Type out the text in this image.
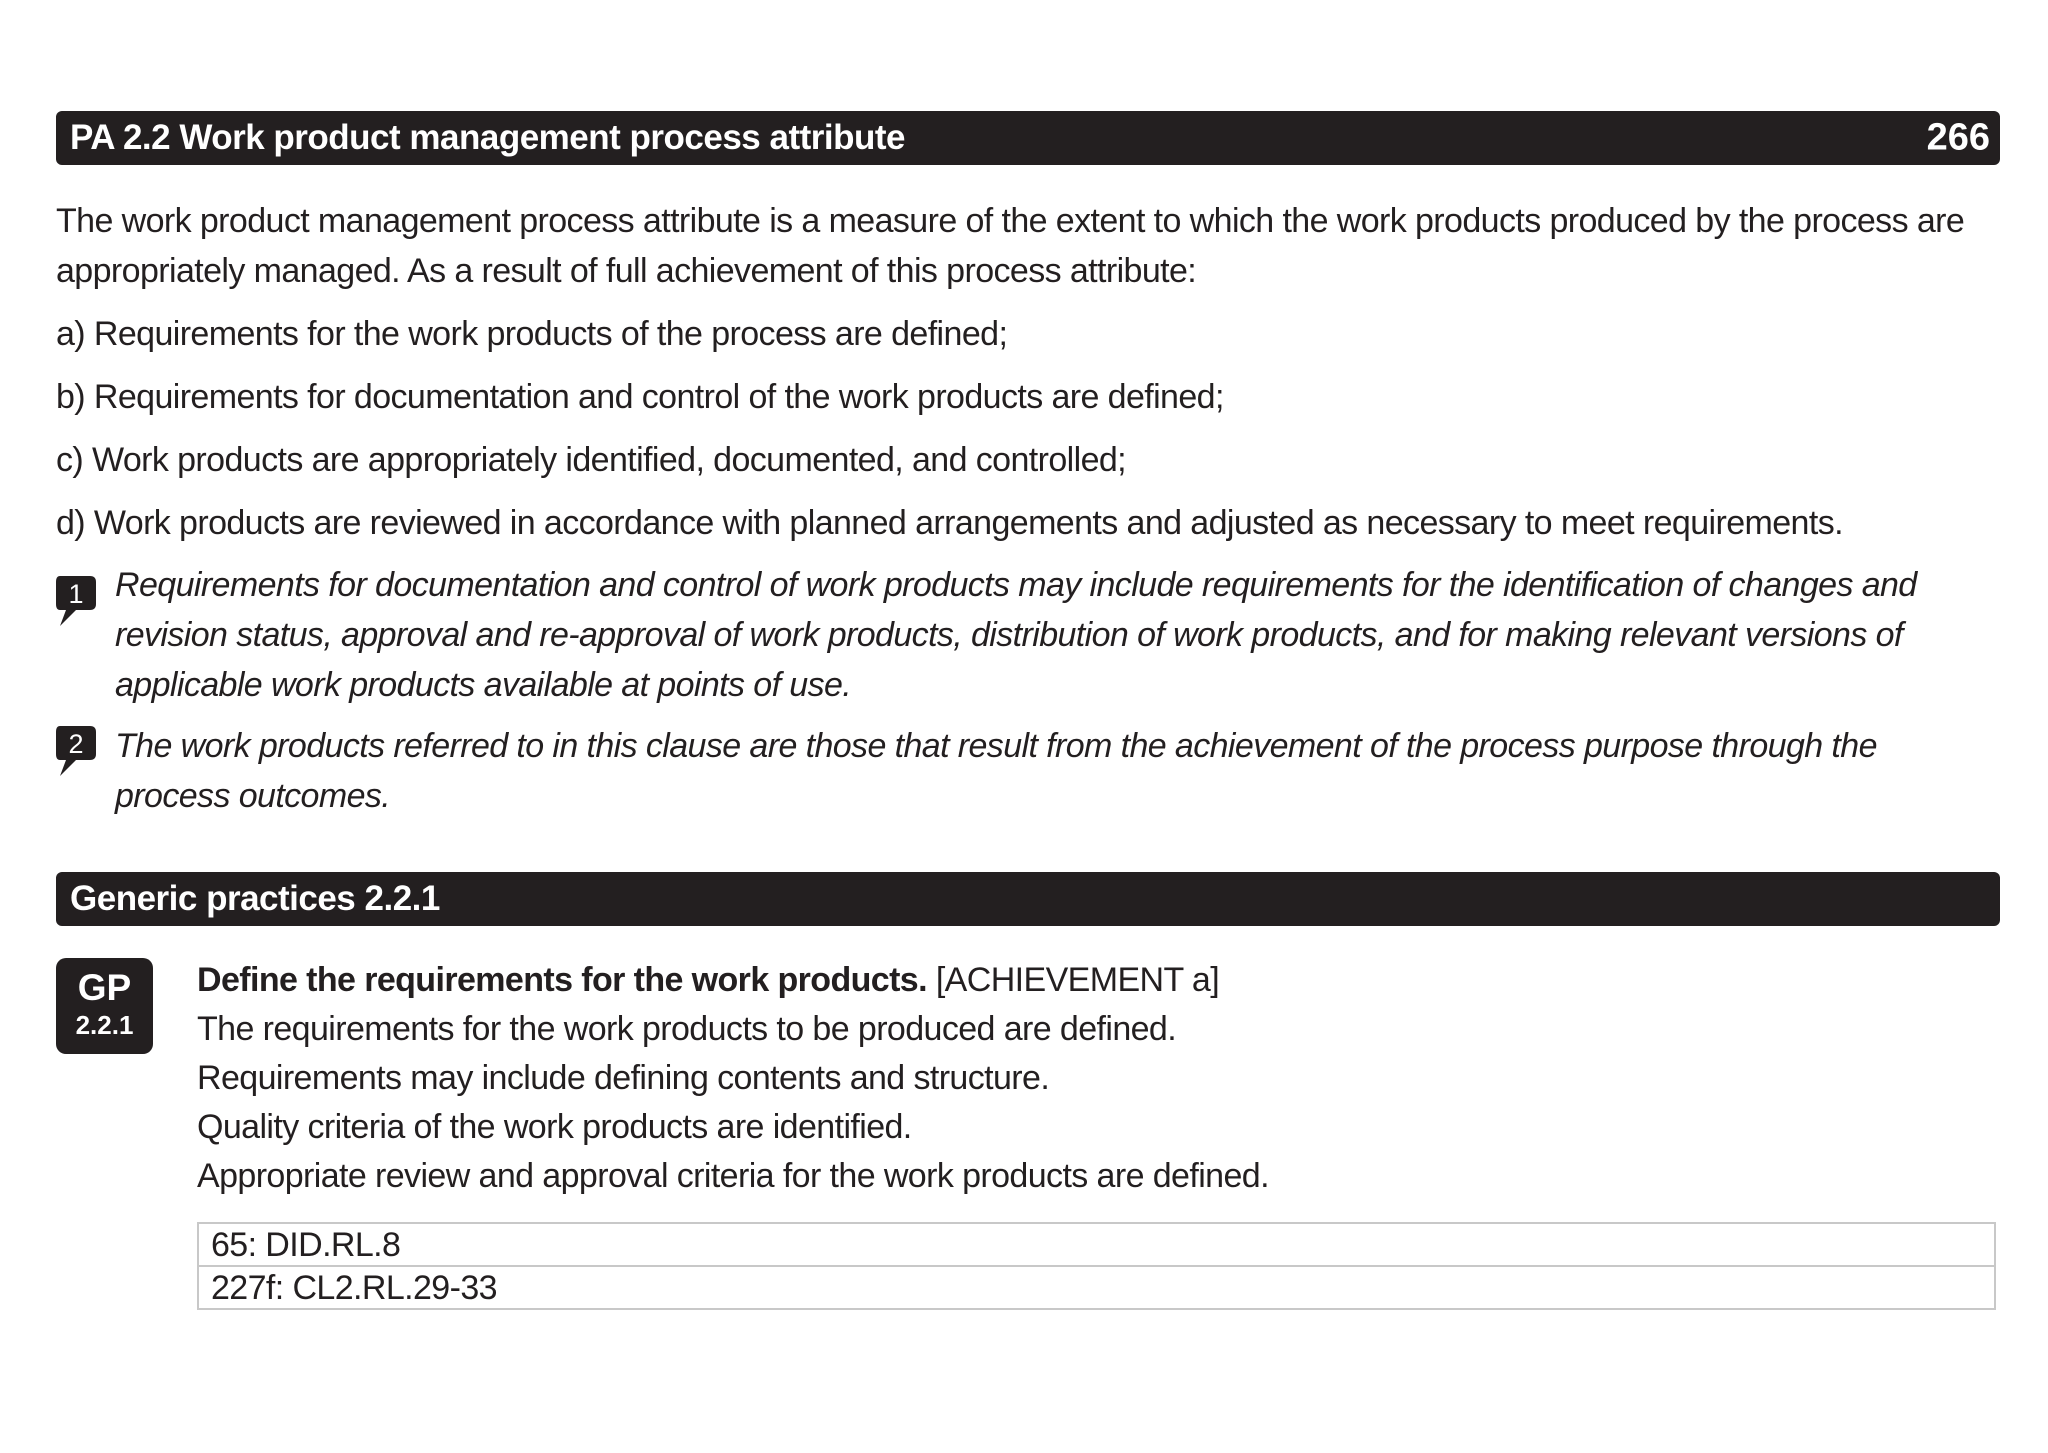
PA 2.2 Work product management process attribute	266
The work product management process attribute is a measure of the extent to which the work products produced by the process are
appropriately managed. As a result of full achievement of this process attribute:
a) Requirements for the work products of the process are defined;
b) Requirements for documentation and control of the work products are defined;
c) Work products are appropriately identified, documented, and controlled;
d) Work products are reviewed in accordance with planned arrangements and adjusted as necessary to meet requirements.
1 Requirements for documentation and control of work products may include requirements for the identification of changes and
revision status, approval and re-approval of work products, distribution of work products, and for making relevant versions of
applicable work products available at points of use.
2 The work products referred to in this clause are those that result from the achievement of the process purpose through the
process outcomes.
Generic practices 2.2.1
GP
2.2.1
Define the requirements for the work products. [ACHIEVEMENT a]
The requirements for the work products to be produced are defined.
Requirements may include defining contents and structure.
Quality criteria of the work products are identified.
Appropriate review and approval criteria for the work products are defined.
65: DID.RL.8
227f: CL2.RL.29-33
